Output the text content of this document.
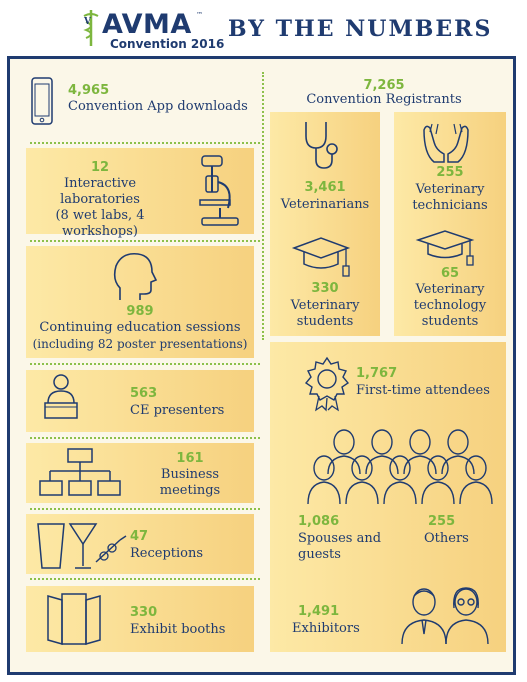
V AVMA ™
Convention 2016
BY THE NUMBERS
4,965
Convention App downloads
12
Interactive
laboratories
(8 wet labs, 4 workshops)
989
Continuing education sessions
(including 82 poster presentations)
563
CE presenters
161
Business
meetings
47
Receptions
330
Exhibit booths
7,265
Convention Registrants
3,461
Veterinarians
255
Veterinary
technicians
330
Veterinary
students
65
Veterinary
technology
students
1,767
First-time attendees
1,086
Spouses and
guests
255
Others
1,491
Exhibitors
